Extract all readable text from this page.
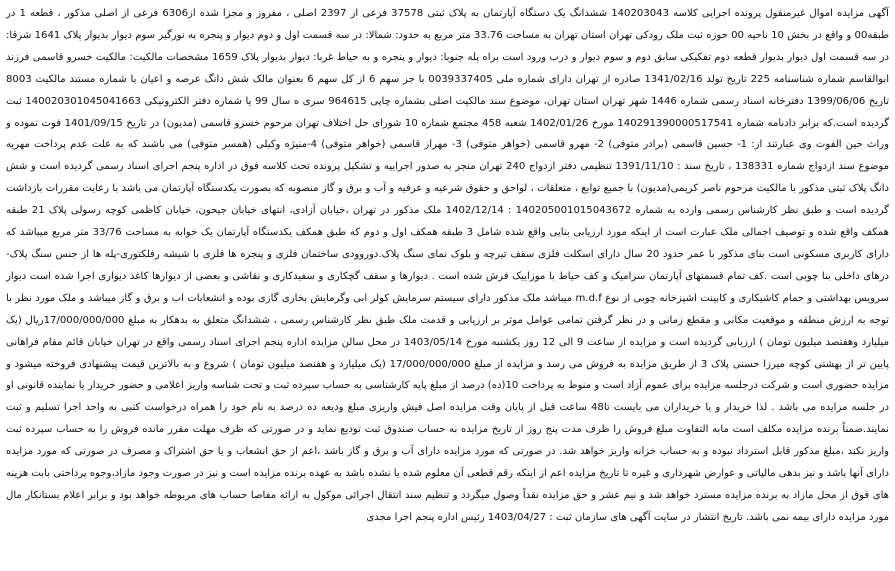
آگهی مزایده اموال غیرمنقول پرونده اجرایی کلاسه 140203043 ششدانگ یک دستگاه آپارتمان به پلاک ثبتی 37578 فرعی از 2397 اصلی ، مفروز و مجزا شده از6306 فرعی از اصلی مذکور ، قطعه 1 در طبقه00 و واقع در بخش 10 ناحیه 00 حوزه ثبت ملک رودکی تهران استان تهران به مساحت 33.76 متر مربع به حدود: شمالا: در سه قسمت اول و دوم دیوار و پنجره به نورگیر سوم دیوار بدیوار پلاک 1641 شرقا: در سه قسمت اول دیوار بدیوار قطعه دوم تفکیکی سابق دوم و سوم دیوار و درب ورود است براه پله جنوبا: دیوار و پنجره و به حیاط غربا: دیوار بدیوار پلاک 1659 مشخصات مالکیت: مالکیت خسرو قاسمی فرزند ابوالقاسم شماره شناسنامه 225 تاریخ تولد 1341/02/16 صادره از تهران دارای شماره ملی 0039337405 با جز سهم 6 از کل سهم 6 بعنوان مالک شش دانگ عرصه و اعیان با شماره مستند مالکیت 8003 تاریخ 1399/06/06 دفترخانه اسناد رسمی شماره 1446 شهر تهران استان تهران، موضوع سند مالکیت اصلی بشماره چاپی 964615 سری ه سال 99 یا شماره دفتر الکترونیکی 140020301045041663 ثبت گردیده است.که برابر دادنامه شماره 140291390000517541 مورخ 1402/01/26 شعبه 458 مجتمع شماره 10 شورای حل اختلاف تهران مرحوم خسرو قاسمی (مدیون) در تاریخ 1401/09/15 فوت نموده و وراث حین الفوت وی عبارتند از: 1- حسین قاسمی (برادر متوفی) 2- مهرو قاسمی (خواهر متوفی) 3- مهراز قاسمی (خواهر متوفی) 4-منیژه وکیلی (همسر متوفی) می باشند که به علت عدم پرداخت مهریه موضوع سند ازدواج شماره 138331 ، تاریخ سند : 1391/11/10 تنظیمی دفتر ازدواج 240 تهران منجر به صدور اجراییه و تشکیل پرونده تحت کلاسه فوق در اداره پنجم اجرای اسناد رسمی گردیده است و شش دانگ پلاک ثبتی مذکور با مالکیت مرحوم ناصر کریمی(مدیون) با جمیع توابع ، متعلقات ، لواحق و حقوق شرعیه و عرفیه و آب و برق و گاز منصوبه که بصورت یکدستگاه آپارتمان می باشد با رعایت مقررات بازداشت گردیده است و طبق نظر کارشناس رسمی وارده به شماره 140205001015043672 : 1402/12/14 ملک مذکور در تهران ،خیابان آزادی، انتهای خیابان جیحون، خیابان کاظمی کوچه رسولی پلاک 21 طبقه همکف واقع شده و توصیف اجمالی ملک عبارت است از اینکه مورد ارزیابی بنایی واقع شده شامل 3 طبقه همکف اول و دوم که طبق همکف یکدستگاه آپارتمان یک خوابه به مساحت 33/76 متر مربع میباشد که دارای کاربری مسکونی است بنای مذکور با عمر حدود 20 سال دارای اسکلت فلزی سقف تیرچه و بلوک نمای سنگ پلاک.دوروودی ساختمان فلزی و پنجره ها فلزی با شیشه رفلکتوری-پله ها از جنس سنگ پلاک-درهای داخلی بنا چوبی است .کف تمام قسمتهای آپارتمان سرامیک و کف حیاط با موزاییک فرش شده است . دیوارها و سقف گچکاری و سفیدکاری و نقاشی و بعضی از دیوارها کاغذ دیواری اجرا شده است دیوار سرویس بهداشتی و حمام کاشیکاری و کابینت اشپزخانه چوبی از نوع m.d.f میباشد ملک مذکور دارای سیستم سرمایش کولر ابی وگرمایش بخاری گازی بوده و انشعابات اب و برق و گاز میباشد و ملک مورد نظر با توجه به ارزش منطقه و موقعیت مکانی و مقطع زمانی و در نظر گرفتن تمامی عوامل موثر بر ارزیابی و قدمت ملک طبق نظر کارشناس رسمی ، ششدانگ متعلق به بدهکار به مبلغ 17/000/000/000ریال (یک میلیارد وهفتصد میلیون تومان ) ارزیابی گردیده است و مزایده از ساعت 9 الی 12 روز یکشنبه مورخ 1403/05/14 در محل سالن مزایده اداره پنجم اجرای اسناد رسمی واقع در تهران خیابان قائم مقام فراهانی پایین تر از بهشتی کوچه میرزا حسنی پلاک 3 از طریق مزایده به فروش می رسد و مزایده از مبلغ 17/000/000/000 (یک میلیارد و هفتصد میلیون تومان ) شروع و به بالاترین قیمت پیشنهادی فروخته میشود و مزایده حضوری است و شرکت درجلسه مزایده برای عموم آزاد است و منوط به پرداخت 10(ده) درصد از مبلغ پایه کارشناسی به حساب سپرده ثبت و تحت شناسه واریز اعلامی و حضور خریدار یا نماینده قانونی او در جلسه مزایده می باشد . لذا خریدار و یا خریداران می بایست تا48 ساعت قبل از پایان وقت مزایده اصل فیش واریزی مبلغ ودیعه ده درصد به نام خود را همراه درخواست کتبی به واحد اجرا تسلیم و ثبت نمایند.ضمناً برنده مزایده مکلف است مابه التفاوت مبلغ فروش را ظرف مدت پنج روز از تاریخ مزایده به حساب صندوق ثبت تودیع نماید و در صورتی که ظرف مهلت مقرر مانده فروش را به حساب سپرده ثبت واریز نکند ،مبلغ مذکور قابل استرداد نبوده و به حساب خزانه واریز خواهد شد. در صورتی که مورد مزایده دارای آب و برق و گاز باشد ،اعم از حق انشعاب و یا حق اشتراک و مصرف در صورتی که مورد مزایده دارای آنها باشد و نیز بدهی مالیاتی و عوارض شهرداری و غیره تا تاریخ مزایده اعم از اینکه رقم قطعی آن معلوم شده یا نشده باشد به عهده برنده مزایده است و نیز در صورت وجود مازاد،وجوه پرداختی بابت هزینه های فوق از محل مازاد به برنده مزایده مسترد خواهد شد و نیم عشر و حق مزایده نقداً وصول میگردد و تنظیم سند انتقال اجرائی موکول به ارائه مفاصا حساب های مربوطه خواهد بود و برابر اعلام بستانکار مال مورد مزایده دارای بیمه نمی باشد. تاریخ انتشار در سایت آگهی های سازمان ثبت : 1403/04/27 رئیس اداره پنجم اجرا مجدی
